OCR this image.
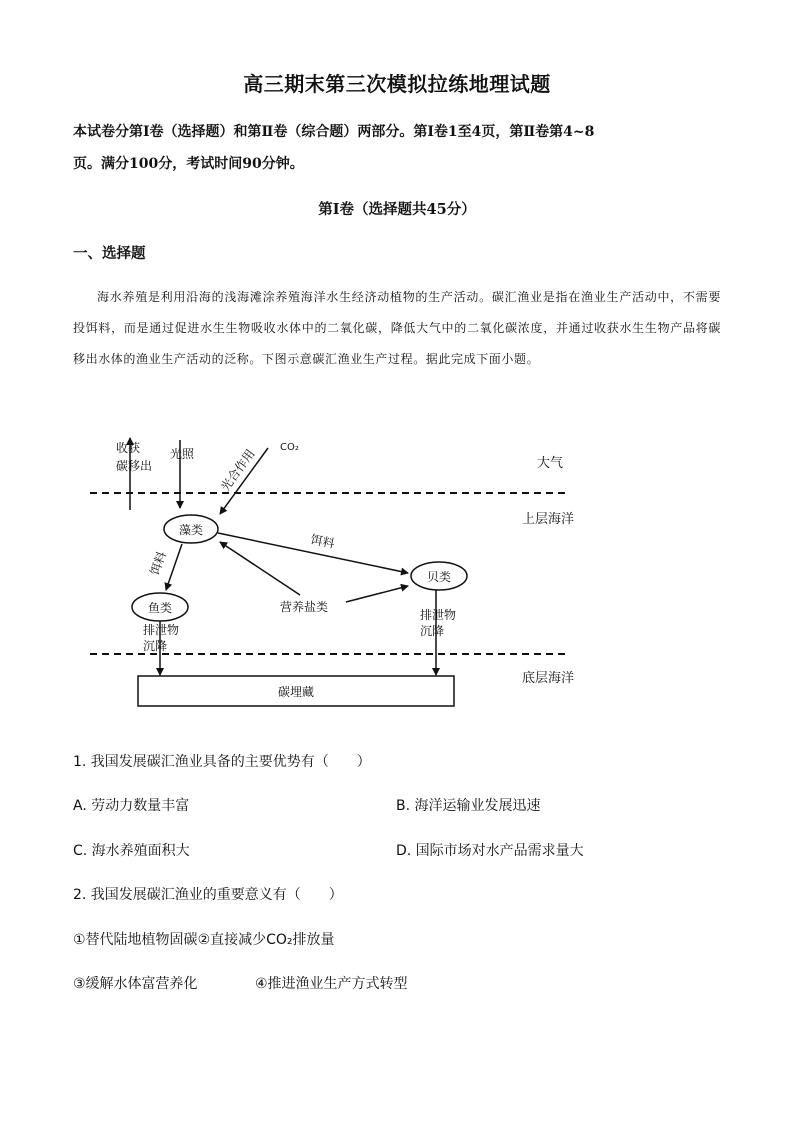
高三期末第三次模拟拉练地理试题
本试卷分第Ⅰ卷（选择题）和第Ⅱ卷（综合题）两部分。第Ⅰ卷1至4页，第Ⅱ卷第4~8
页。满分100分，考试时间90分钟。
第Ⅰ卷（选择题共45分）
一、选择题

海水养殖是利用沿海的浅海滩涂养殖海洋水生经济动植物的生产活动。碳汇渔业是指在渔业生产活动中，不需要投饵料，而是通过促进水生生物吸收水体中的二氧化碳，降低大气中的二氧化碳浓度，并通过收获水生生物产品将碳移出水体的渔业生产活动的泛称。下图示意碳汇渔业生产过程。据此完成下面小题。

大气
上层海洋
底层海洋
收获
碳移出
光照 光合作用 CO₂
藻类
鱼类
贝类
饵料
饵料
营养盐类
排泄物
沉降
排泄物
沉降
碳埋藏
1. 我国发展碳汇渔业具备的主要优势有（　　）
A. 劳动力数量丰富	B. 海洋运输业发展迅速
C. 海水养殖面积大	D. 国际市场对水产品需求量大
2. 我国发展碳汇渔业的重要意义有（　　）
①替代陆地植物固碳②直接减少CO₂排放量
③缓解水体富营养化	④推进渔业生产方式转型
